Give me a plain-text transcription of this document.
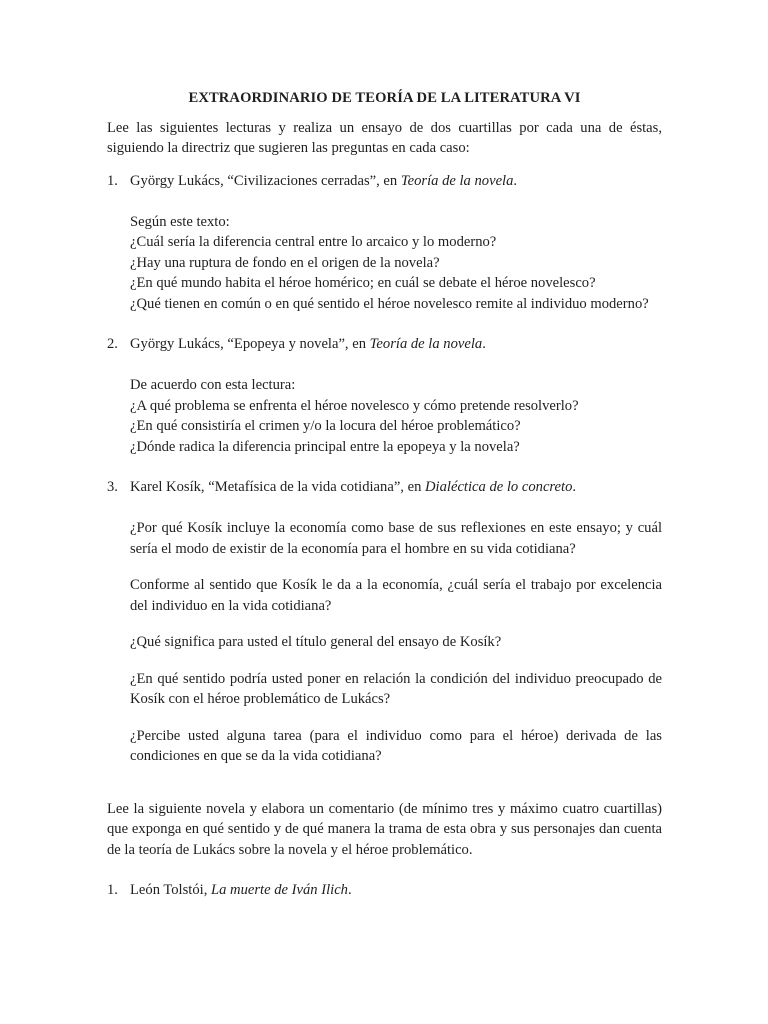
EXTRAORDINARIO DE TEORÍA DE LA LITERATURA VI

Lee las siguientes lecturas y realiza un ensayo de dos cuartillas por cada una de éstas, siguiendo la directriz que sugieren las preguntas en cada caso:

1. György Lukács, “Civilizaciones cerradas”, en Teoría de la novela.

Según este texto:

¿Cuál sería la diferencia central entre lo arcaico y lo moderno?

¿Hay una ruptura de fondo en el origen de la novela?

¿En qué mundo habita el héroe homérico; en cuál se debate el héroe novelesco?

¿Qué tienen en común o en qué sentido el héroe novelesco remite al individuo moderno?

2. György Lukács, “Epopeya y novela”, en Teoría de la novela.

De acuerdo con esta lectura:

¿A qué problema se enfrenta el héroe novelesco y cómo pretende resolverlo?

¿En qué consistiría el crimen y/o la locura del héroe problemático?

¿Dónde radica la diferencia principal entre la epopeya y la novela?

3. Karel Kosík, “Metafísica de la vida cotidiana”, en Dialéctica de lo concreto.

¿Por qué Kosík incluye la economía como base de sus reflexiones en este ensayo; y cuál sería el modo de existir de la economía para el hombre en su vida cotidiana?

Conforme al sentido que Kosík le da a la economía, ¿cuál sería el trabajo por excelencia del individuo en la vida cotidiana?

¿Qué significa para usted el título general del ensayo de Kosík?

¿En qué sentido podría usted poner en relación la condición del individuo preocupado de Kosík con el héroe problemático de Lukács?

¿Percibe usted alguna tarea (para el individuo como para el héroe) derivada de las condiciones en que se da la vida cotidiana?

Lee la siguiente novela y elabora un comentario (de mínimo tres y máximo cuatro cuartillas) que exponga en qué sentido y de qué manera la trama de esta obra y sus personajes dan cuenta de la teoría de Lukács sobre la novela y el héroe problemático.

1. León Tolstói, La muerte de Iván Ilich.
